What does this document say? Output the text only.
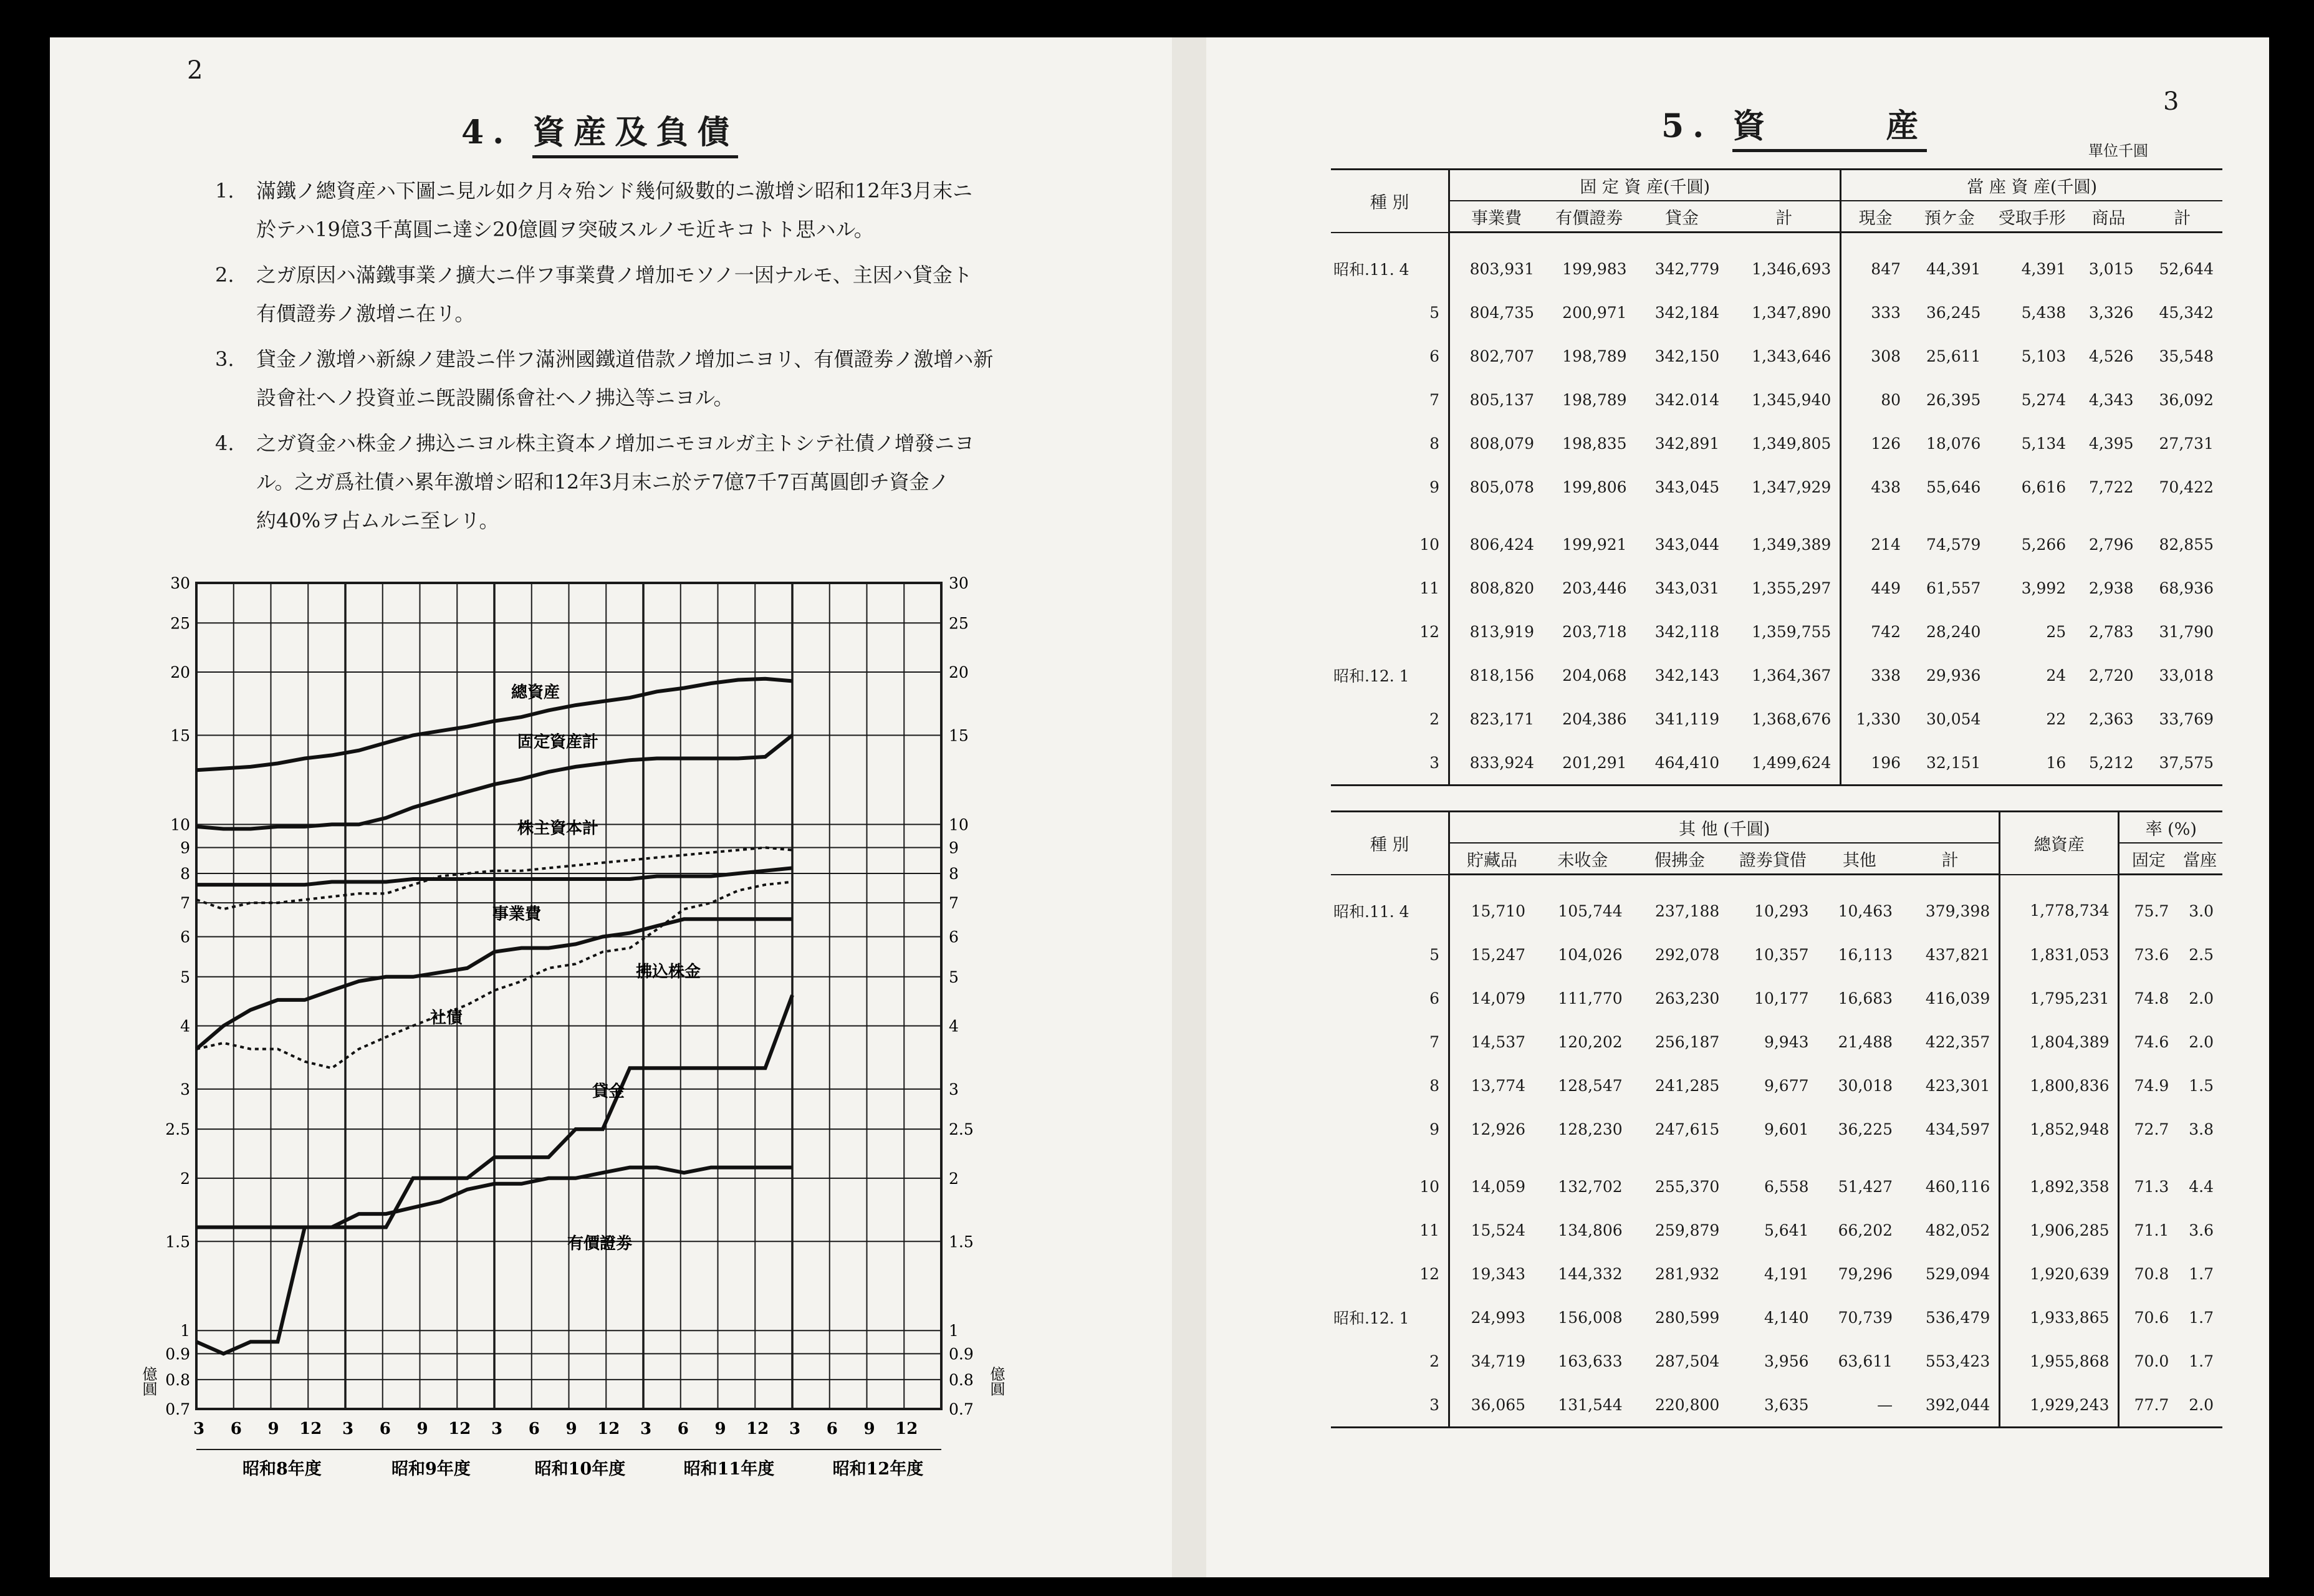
2
4. 資産及負債
1. 滿鐵ノ總資産ハ下圖ニ見ル如ク月々殆ンド幾何級數的ニ激增シ昭和12年3月末ニ
於テハ19億3千萬圓ニ達シ20億圓ヲ突破スルノモ近キコトト思ハル。
2. 之ガ原因ハ滿鐵事業ノ擴大ニ伴フ事業費ノ增加モソノ一因ナルモ、主因ハ貸金ト
有價證劵ノ激增ニ在リ。
3. 貸金ノ激增ハ新線ノ建設ニ伴フ滿洲國鐵道借款ノ增加ニヨリ、有價證劵ノ激增ハ新
設會社ヘノ投資並ニ旣設關係會社ヘノ拂込等ニヨル。
4. 之ガ資金ハ株金ノ拂込ニヨル株主資本ノ增加ニモヨルガ主トシテ社債ノ增發ニヨ
ル。之ガ爲社債ハ累年激增シ昭和12年3月末ニ於テ7億7千7百萬圓卽チ資金ノ
約40%ヲ占ムルニ至レリ。
30	30
25	25
20	20
15	15
10	10
9	9
8	8
7	7
6	6
5	5
4	4
3	3
2.5	2.5
2	2
1.5	1.5
1	1
0.9	0.9
0.8	0.8
0.7	0.7
億圓	億圓
3 6 9 12 3 6 9 12 3 6 9 12 3 6 9 12 3 6 9 12
昭和8年度	昭和9年度	昭和10年度	昭和11年度	昭和12年度
總資産
固定資産計
株主資本計
事業費
拂込株金
社債
貸金
有價證劵
3
5. 資	産
單位千圓
種 別	固 定 資 産(千圓)				當 座 資 産(千圓)				
	事業費	有價證劵	貸金	計	現金	預ケ金	受取手形	商品	計
昭和.11. 4	803,931	199,983	342,779	1,346,693	847	44,391	4,391	3,015	52,644
5	804,735	200,971	342,184	1,347,890	333	36,245	5,438	3,326	45,342
6	802,707	198,789	342,150	1,343,646	308	25,611	5,103	4,526	35,548
7	805,137	198,789	342.014	1,345,940	80	26,395	5,274	4,343	36,092
8	808,079	198,835	342,891	1,349,805	126	18,076	5,134	4,395	27,731
9	805,078	199,806	343,045	1,347,929	438	55,646	6,616	7,722	70,422
10	806,424	199,921	343,044	1,349,389	214	74,579	5,266	2,796	82,855
11	808,820	203,446	343,031	1,355,297	449	61,557	3,992	2,938	68,936
12	813,919	203,718	342,118	1,359,755	742	28,240	25	2,783	31,790
昭和.12. 1	818,156	204,068	342,143	1,364,367	338	29,936	24	2,720	33,018
2	823,171	204,386	341,119	1,368,676	1,330	30,054	22	2,363	33,769
3	833,924	201,291	464,410	1,499,624	196	32,151	16	5,212	37,575
種 別	其 他 (千圓)						總資産	率 (%)	
	貯藏品	未收金	假拂金	證劵貸借	其他	計		固定	當座
昭和.11. 4	15,710	105,744	237,188	10,293	10,463	379,398	1,778,734	75.7	3.0
5	15,247	104,026	292,078	10,357	16,113	437,821	1,831,053	73.6	2.5
6	14,079	111,770	263,230	10,177	16,683	416,039	1,795,231	74.8	2.0
7	14,537	120,202	256,187	9,943	21,488	422,357	1,804,389	74.6	2.0
8	13,774	128,547	241,285	9,677	30,018	423,301	1,800,836	74.9	1.5
9	12,926	128,230	247,615	9,601	36,225	434,597	1,852,948	72.7	3.8
10	14,059	132,702	255,370	6,558	51,427	460,116	1,892,358	71.3	4.4
11	15,524	134,806	259,879	5,641	66,202	482,052	1,906,285	71.1	3.6
12	19,343	144,332	281,932	4,191	79,296	529,094	1,920,639	70.8	1.7
昭和.12. 1	24,993	156,008	280,599	4,140	70,739	536,479	1,933,865	70.6	1.7
2	34,719	163,633	287,504	3,956	63,611	553,423	1,955,868	70.0	1.7
3	36,065	131,544	220,800	3,635	—	392,044	1,929,243	77.7	2.0
